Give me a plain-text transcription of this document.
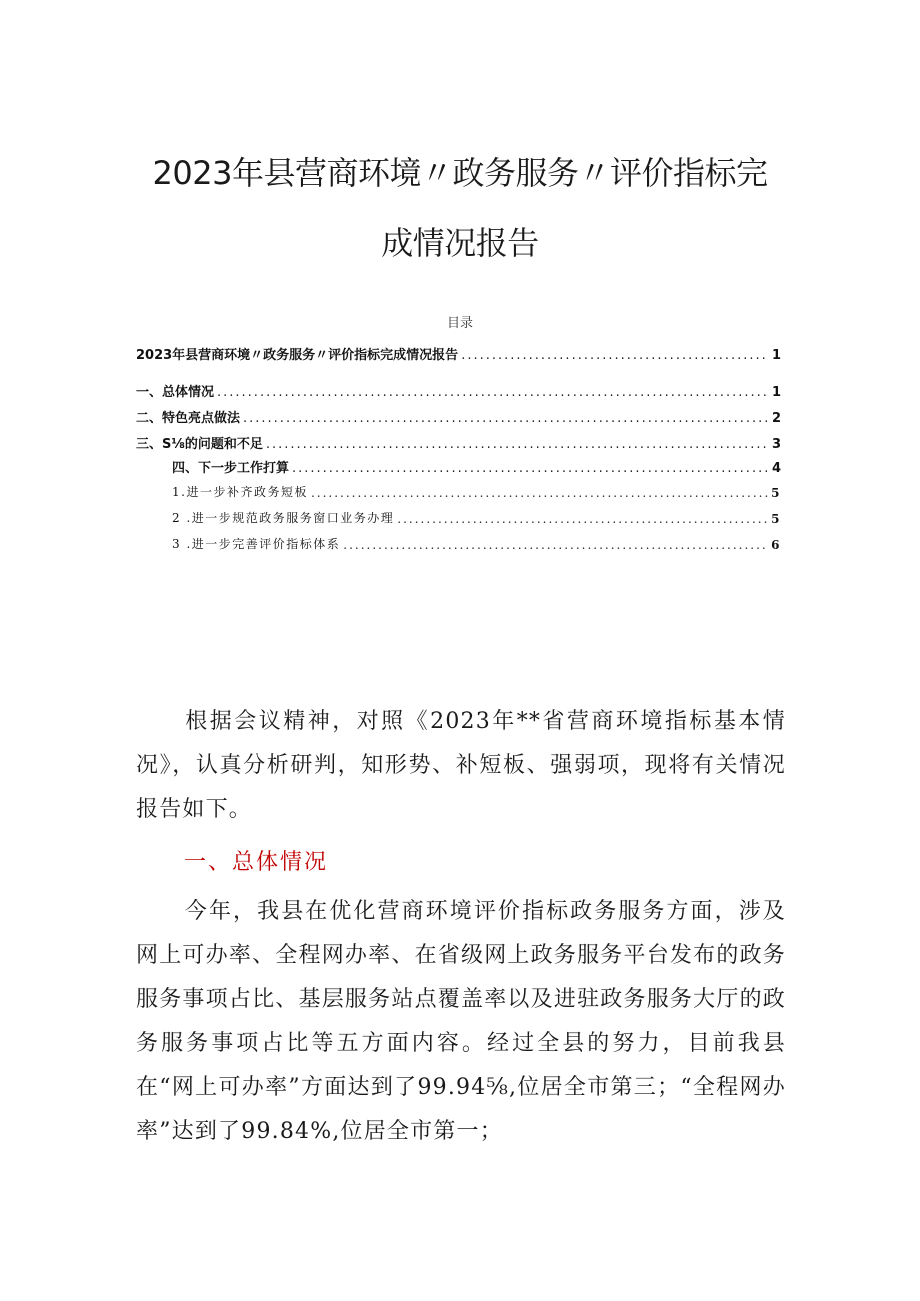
2023年县营商环境〃政务服务〃评价指标完
成情况报告
目录
2023年县营商环境〃政务服务〃评价指标完成情况报告 .....	1
一、总体情况 .....	1
二、特色亮点做法 .....	2
三、S⅛的问题和不足 .....	3
四、下一步工作打算 .....	4
1.进一步补齐政务短板 .....	5
2 .进一步规范政务服务窗口业务办理 .....	5
3 .进一步完善评价指标体系 .....	6

根据会议精神，对照《2023年**省营商环境指标基本情况》，认真分析研判，知形势、补短板、强弱项，现将有关情况报告如下。

一、总体情况

今年，我县在优化营商环境评价指标政务服务方面，涉及网上可办率、全程网办率、在省级网上政务服务平台发布的政务服务事项占比、基层服务站点覆盖率以及进驻政务服务大厅的政务服务事项占比等五方面内容。经过全县的努力，目前我县在“网上可办率”方面达到了99.94⅝,位居全市第三；“全程网办率”达到了99.84%,位居全市第一；
